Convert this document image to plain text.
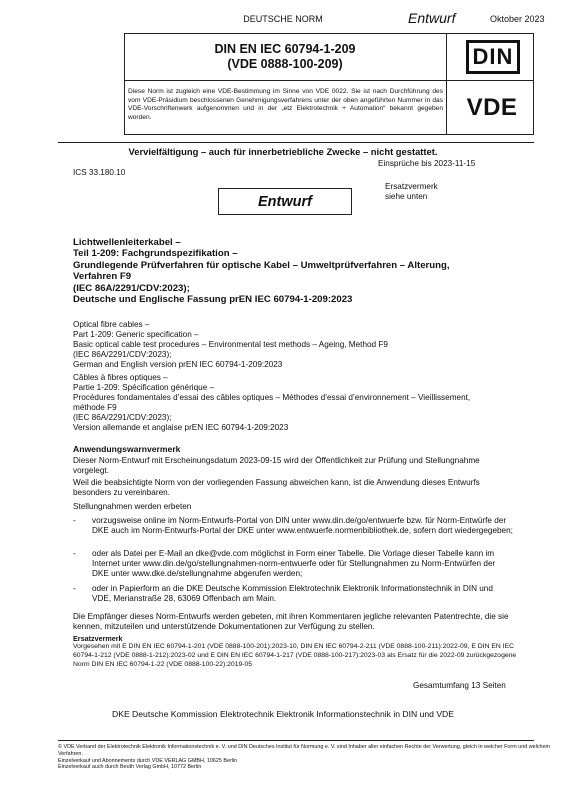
DEUTSCHE NORM	Entwurf	Oktober 2023
DIN EN IEC 60794-1-209
(VDE 0888-100-209)
Diese Norm ist zugleich eine VDE-Bestimmung im Sinne von VDE 0022. Sie ist nach Durchführung des vom VDE-Präsidium beschlossenen Genehmigungsverfahrens unter der oben angeführten Nummer in das VDE-Vorschriftenwerk aufgenommen und in der „etz Elektrotechnik + Automation“ bekannt gegeben worden.
DIN
VDE
Vervielfältigung – auch für innerbetriebliche Zwecke – nicht gestattet.
Einsprüche bis 2023-11-15
ICS 33.180.10
Ersatzvermerk
siehe unten
Entwurf
Lichtwellenleiterkabel –
Teil 1-209: Fachgrundspezifikation –
Grundlegende Prüfverfahren für optische Kabel – Umweltprüfverfahren – Alterung,
Verfahren F9
(IEC 86A/2291/CDV:2023);
Deutsche und Englische Fassung prEN IEC 60794-1-209:2023
Optical fibre cables –
Part 1-209: Generic specification –
Basic optical cable test procedures – Environmental test methods – Ageing, Method F9
(IEC 86A/2291/CDV:2023);
German and English version prEN IEC 60794-1-209:2023
Câbles à fibres optiques –
Partie 1-209: Spécification générique –
Procédures fondamentales d’essai des câbles optiques – Méthodes d’essai d’environnement – Vieillissement,
méthode F9
(IEC 86A/2291/CDV:2023);
Version allemande et anglaise prEN IEC 60794-1-209:2023
Anwendungswarnvermerk
Dieser Norm-Entwurf mit Erscheinungsdatum 2023-09-15 wird der Öffentlichkeit zur Prüfung und Stellungnahme vorgelegt.
Weil die beabsichtigte Norm von der vorliegenden Fassung abweichen kann, ist die Anwendung dieses Entwurfs besonders zu vereinbaren.
Stellungnahmen werden erbeten
- vorzugsweise online im Norm-Entwurfs-Portal von DIN unter www.din.de/go/entwuerfe bzw. für Norm-Entwürfe der DKE auch im Norm-Entwurfs-Portal der DKE unter www.entwuerfe.normenbibliothek.de, sofern dort wiedergegeben;
- oder als Datei per E-Mail an dke@vde.com möglichst in Form einer Tabelle. Die Vorlage dieser Tabelle kann im Internet unter www.din.de/go/stellungnahmen-norm-entwuerfe oder für Stellungnahmen zu Norm-Entwürfen der DKE unter www.dke.de/stellungnahme abgerufen werden;
- oder in Papierform an die DKE Deutsche Kommission Elektrotechnik Elektronik Informationstechnik in DIN und VDE, Merianstraße 28, 63069 Offenbach am Main.
Die Empfänger dieses Norm-Entwurfs werden gebeten, mit ihren Kommentaren jegliche relevanten Patentrechte, die sie kennen, mitzuteilen und unterstützende Dokumentationen zur Verfügung zu stellen.
Ersatzvermerk
Vorgesehen mit E DIN EN IEC 60794-1-201 (VDE 0888-100-201):2023-10, DIN EN IEC 60794-2-211 (VDE 0888-100-211):2022-09, E DIN EN IEC 60794-1-212 (VDE 0888-1-212):2023-02 und E DIN EN IEC 60794-1-217 (VDE 0888-100-217):2023-03 als Ersatz für die 2022-09 zurückgezogene Norm DIN EN IEC 60794-1-22 (VDE 0888-100-22):2019-05
Gesamtumfang 13 Seiten
DKE Deutsche Kommission Elektrotechnik Elektronik Informationstechnik in DIN und VDE
© VDE Verband der Elektrotechnik Elektronik Informationstechnik e. V. und DIN Deutsches Institut für Normung e. V. sind Inhaber aller einfachen Rechte der Verwertung, gleich in welcher Form und welchem Verfahren.
Einzelverkauf und Abonnements durch VDE VERLAG GMBH, 10625 Berlin
Einzelverkauf auch durch Beuth Verlag GmbH, 10772 Berlin
